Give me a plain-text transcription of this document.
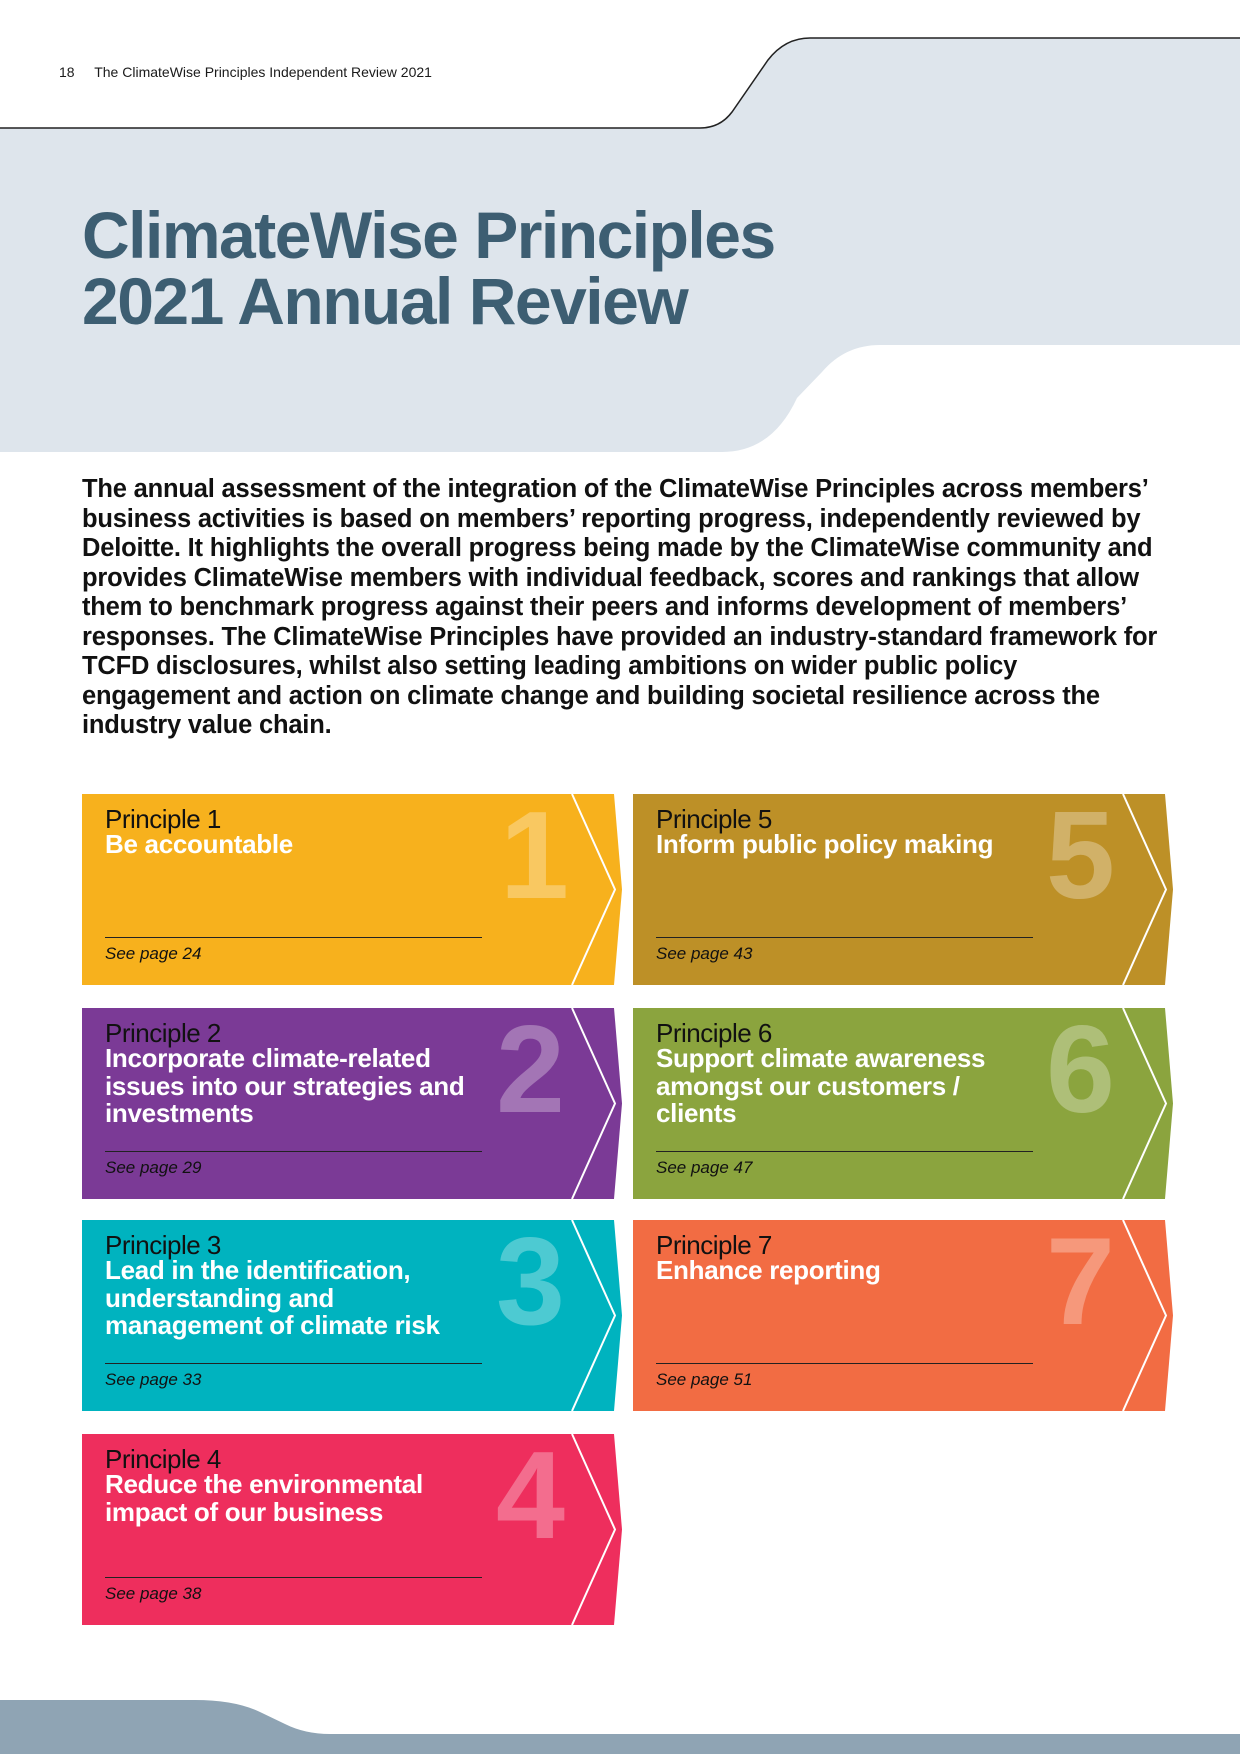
18 The ClimateWise Principles Independent Review 2021
ClimateWise Principles
2021 Annual Review

The annual assessment of the integration of the ClimateWise Principles across members’ business activities is based on members’ reporting progress, independently reviewed by Deloitte. It highlights the overall progress being made by the ClimateWise community and provides ClimateWise members with individual feedback, scores and rankings that allow them to benchmark progress against their peers and informs development of members’ responses. The ClimateWise Principles have provided an industry-standard framework for TCFD disclosures, whilst also setting leading ambitions on wider public policy engagement and action on climate change and building societal resilience across the industry value chain.

1
Principle 1
Be accountable
See page 24
2
Principle 2
Incorporate climate-related issues into our strategies and investments
See page 29
3
Principle 3
Lead in the identification, understanding and management of climate risk
See page 33
4
Principle 4
Reduce the environmental impact of our business
See page 38
5
Principle 5
Inform public policy making
See page 43
6
Principle 6
Support climate awareness amongst our customers / clients
See page 47
7
Principle 7
Enhance reporting
See page 51
